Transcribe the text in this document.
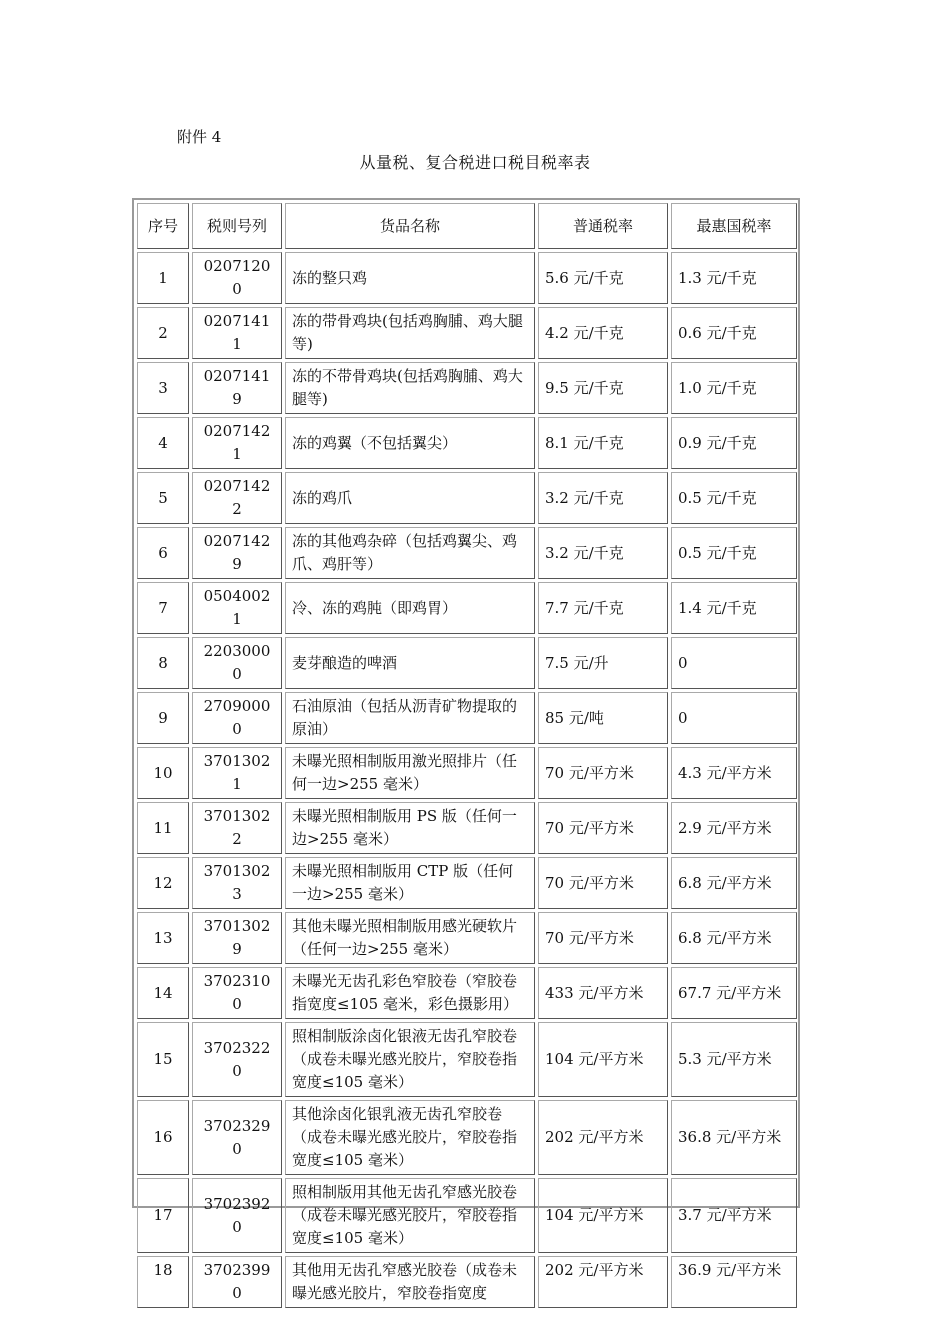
附件 4
从量税、复合税进口税目税率表
序号	税则号列	货品名称	普通税率	最惠国税率
1	02071200	冻的整只鸡	5.6 元/千克	1.3 元/千克
2	02071411	冻的带骨鸡块(包括鸡胸脯、鸡大腿等)	4.2 元/千克	0.6 元/千克
3	02071419	冻的不带骨鸡块(包括鸡胸脯、鸡大腿等)	9.5 元/千克	1.0 元/千克
4	02071421	冻的鸡翼（不包括翼尖）	8.1 元/千克	0.9 元/千克
5	02071422	冻的鸡爪	3.2 元/千克	0.5 元/千克
6	02071429	冻的其他鸡杂碎（包括鸡翼尖、鸡爪、鸡肝等）	3.2 元/千克	0.5 元/千克
7	05040021	冷、冻的鸡肫（即鸡胃）	7.7 元/千克	1.4 元/千克
8	22030000	麦芽酿造的啤酒	7.5 元/升	0
9	27090000	石油原油（包括从沥青矿物提取的原油）	85 元/吨	0
10	37013021	未曝光照相制版用激光照排片（任何一边>255 毫米）	70 元/平方米	4.3 元/平方米
11	37013022	未曝光照相制版用 PS 版（任何一边>255 毫米）	70 元/平方米	2.9 元/平方米
12	37013023	未曝光照相制版用 CTP 版（任何一边>255 毫米）	70 元/平方米	6.8 元/平方米
13	37013029	其他未曝光照相制版用感光硬软片（任何一边>255 毫米）	70 元/平方米	6.8 元/平方米
14	37023100	未曝光无齿孔彩色窄胶卷（窄胶卷指宽度≤105 毫米，彩色摄影用）	433 元/平方米	67.7 元/平方米
15	37023220	照相制版涂卤化银液无齿孔窄胶卷（成卷未曝光感光胶片，窄胶卷指宽度≤105 毫米）	104 元/平方米	5.3 元/平方米
16	37023290	其他涂卤化银乳液无齿孔窄胶卷（成卷未曝光感光胶片，窄胶卷指宽度≤105 毫米）	202 元/平方米	36.8 元/平方米
17	37023920	照相制版用其他无齿孔窄感光胶卷（成卷未曝光感光胶片，窄胶卷指宽度≤105 毫米）	104 元/平方米	3.7 元/平方米
18	37023990	其他用无齿孔窄感光胶卷（成卷未曝光感光胶片，窄胶卷指宽度	202 元/平方米	36.9 元/平方米
